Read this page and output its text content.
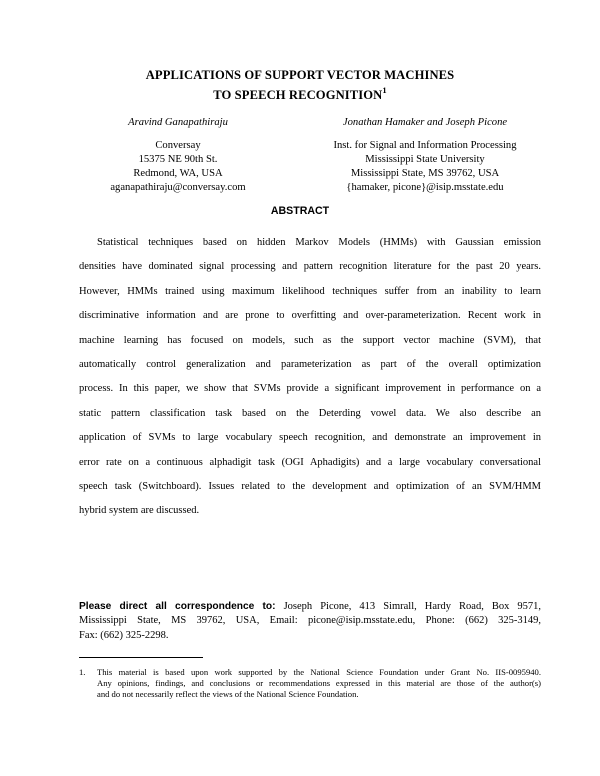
APPLICATIONS OF SUPPORT VECTOR MACHINES
TO SPEECH RECOGNITION$^1$
Aravind Ganapathiraju
Conversay
15375 NE 90th St.
Redmond, WA, USA
aganapathiraju@conversay.com
Jonathan Hamaker and Joseph Picone
Inst. for Signal and Information Processing
Mississippi State University
Mississippi State, MS 39762, USA
{hamaker, picone}@isip.msstate.edu
ABSTRACT
Statistical techniques based on hidden Markov Models (HMMs) with Gaussian emission
densities have dominated signal processing and pattern recognition literature for the past 20 years.
However, HMMs trained using maximum likelihood techniques suffer from an inability to learn
discriminative information and are prone to overfitting and over-parameterization. Recent work in
machine learning has focused on models, such as the support vector machine (SVM), that
automatically control generalization and parameterization as part of the overall optimization
process. In this paper, we show that SVMs provide a significant improvement in performance on a
static pattern classification task based on the Deterding vowel data. We also describe an
application of SVMs to large vocabulary speech recognition, and demonstrate an improvement in
error rate on a continuous alphadigit task (OGI Aphadigits) and a large vocabulary conversational
speech task (Switchboard). Issues related to the development and optimization of an SVM/HMM
hybrid system are discussed.
Please direct all correspondence to: Joseph Picone, 413 Simrall, Hardy Road, Box 9571,
Mississippi State, MS 39762, USA, Email: picone@isip.msstate.edu, Phone: (662) 325-3149,
Fax: (662) 325-2298.
1. This material is based upon work supported by the National Science Foundation under Grant No. IIS-0095940.
Any opinions, findings, and conclusions or recommendations expressed in this material are those of the author(s)
and do not necessarily reflect the views of the National Science Foundation.
